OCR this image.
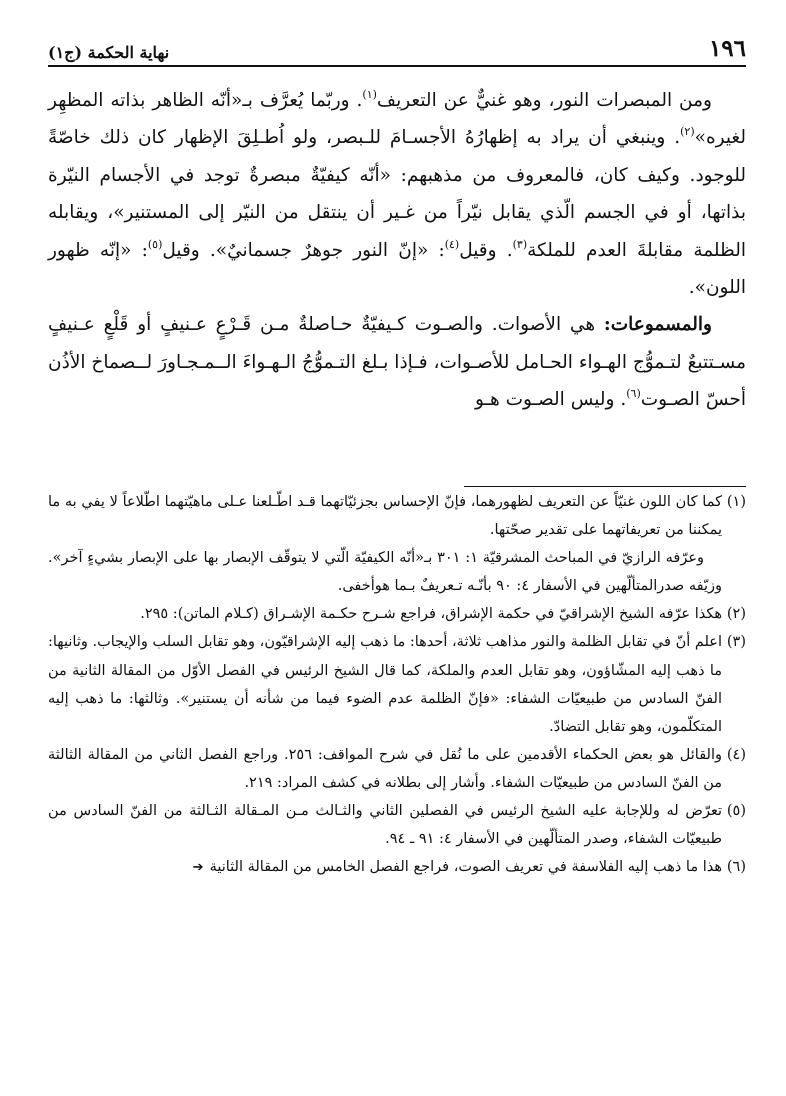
١٩٦
نهاية الحكمة (ج١)

ومن المبصرات النور، وهو غنيٌّ عن التعريف$^{(١)}$. وربّما يُعرَّف بـ«أنّه الظاهر بذاته المظهِر لغيره»$^{(٢)}$. وينبغي أن يراد به إظهارُهُ الأجسـامَ للـبصر، ولو اُطـلِقَ الإظهار كان ذلك خاصّةً للوجود. وكيف كان، فالمعروف من مذهبهم: «أنّه كيفيّةٌ مبصرةٌ توجد في الأجسام النيّرة بذاتها، أو في الجسم الّذي يقابل نيّراً من غـير أن ينتقل من النيّر إلى المستنير»، ويقابله الظلمة مقابلةَ العدم للملكة$^{(٣)}$. وقيل$^{(٤)}$: «إنّ النور جوهرٌ جسمانيٌ». وقيل$^{(٥)}$: «إنّه ظهور اللون».

والمسموعات: هي الأصوات. والصـوت كـيفيّةٌ حـاصلةٌ مـن قَـرْعٍ عـنيفٍ أو قَلْعٍ عـنيفٍ مسـتتبعٌ لتـموُّج الهـواء الحـامل للأصـوات، فـإذا بـلغ التـموُّجُ الـهـواءَ الــمـجـاورَ لــصماخ الأذُن أحسّ الصـوت$^{(٦)}$. وليس الصـوت هـو

(١)
كما كان اللون غنيّاً عن التعريف لظهورهما، فإنّ الإحساس بجزئيّاتهما قـد اطّـلعنا عـلى ماهيّتهما اطّلاعاً لا يفي به ما يمكننا من تعريفاتهما على تقدير صحّتها.

وعرّفه الرازيّ في المباحث المشرقيّة ١: ٣٠١ بـ«أنّه الكيفيّة الّتي لا يتوقّف الإبصار بها على الإبصار بشيءٍ آخر». وزيّفه صدرالمتألّهين في الأسفار ٤: ٩٠ بأنّـه تـعريفٌ بـما هوأخفى.

(٢)
هكذا عرّفه الشيخ الإشراقيّ في حكمة الإشراق، فراجع شـرح حكـمة الإشـراق (كـلام الماتن): ٢٩٥.

(٣)
اعلم أنّ في تقابل الظلمة والنور مذاهب ثلاثة، أحدها: ما ذهب إليه الإشراقيّون، وهو تقابل السلب والإيجاب. وثانيها: ما ذهب إليه المشّاؤون، وهو تقابل العدم والملكة، كما قال الشيخ الرئيس في الفصل الأوّل من المقالة الثانية من الفنّ السادس من طبيعيّات الشفاء: «فإنّ الظلمة عدم الضوء فيما من شأنه أن يستنير». وثالثها: ما ذهب إليه المتكلّمون، وهو تقابل التضادّ.

(٤)
والقائل هو بعض الحكماء الأقدمين على ما نُقل في شرح المواقف: ٢٥٦. وراجع الفصل الثاني من المقالة الثالثة من الفنّ السادس من طبيعيّات الشفاء. وأشار إلى بطلانه في كشف المراد: ٢١٩.

(٥)
تعرّض له وللإجابة عليه الشيخ الرئيس في الفصلين الثاني والثـالث مـن المـقالة الثـالثة من الفنّ السادس من طبيعيّات الشفاء، وصدر المتألّهين في الأسفار ٤: ٩١ ـ ٩٤.

(٦)
هذا ما ذهب إليه الفلاسفة في تعريف الصوت، فراجع الفصل الخامس من المقالة الثانية➔
